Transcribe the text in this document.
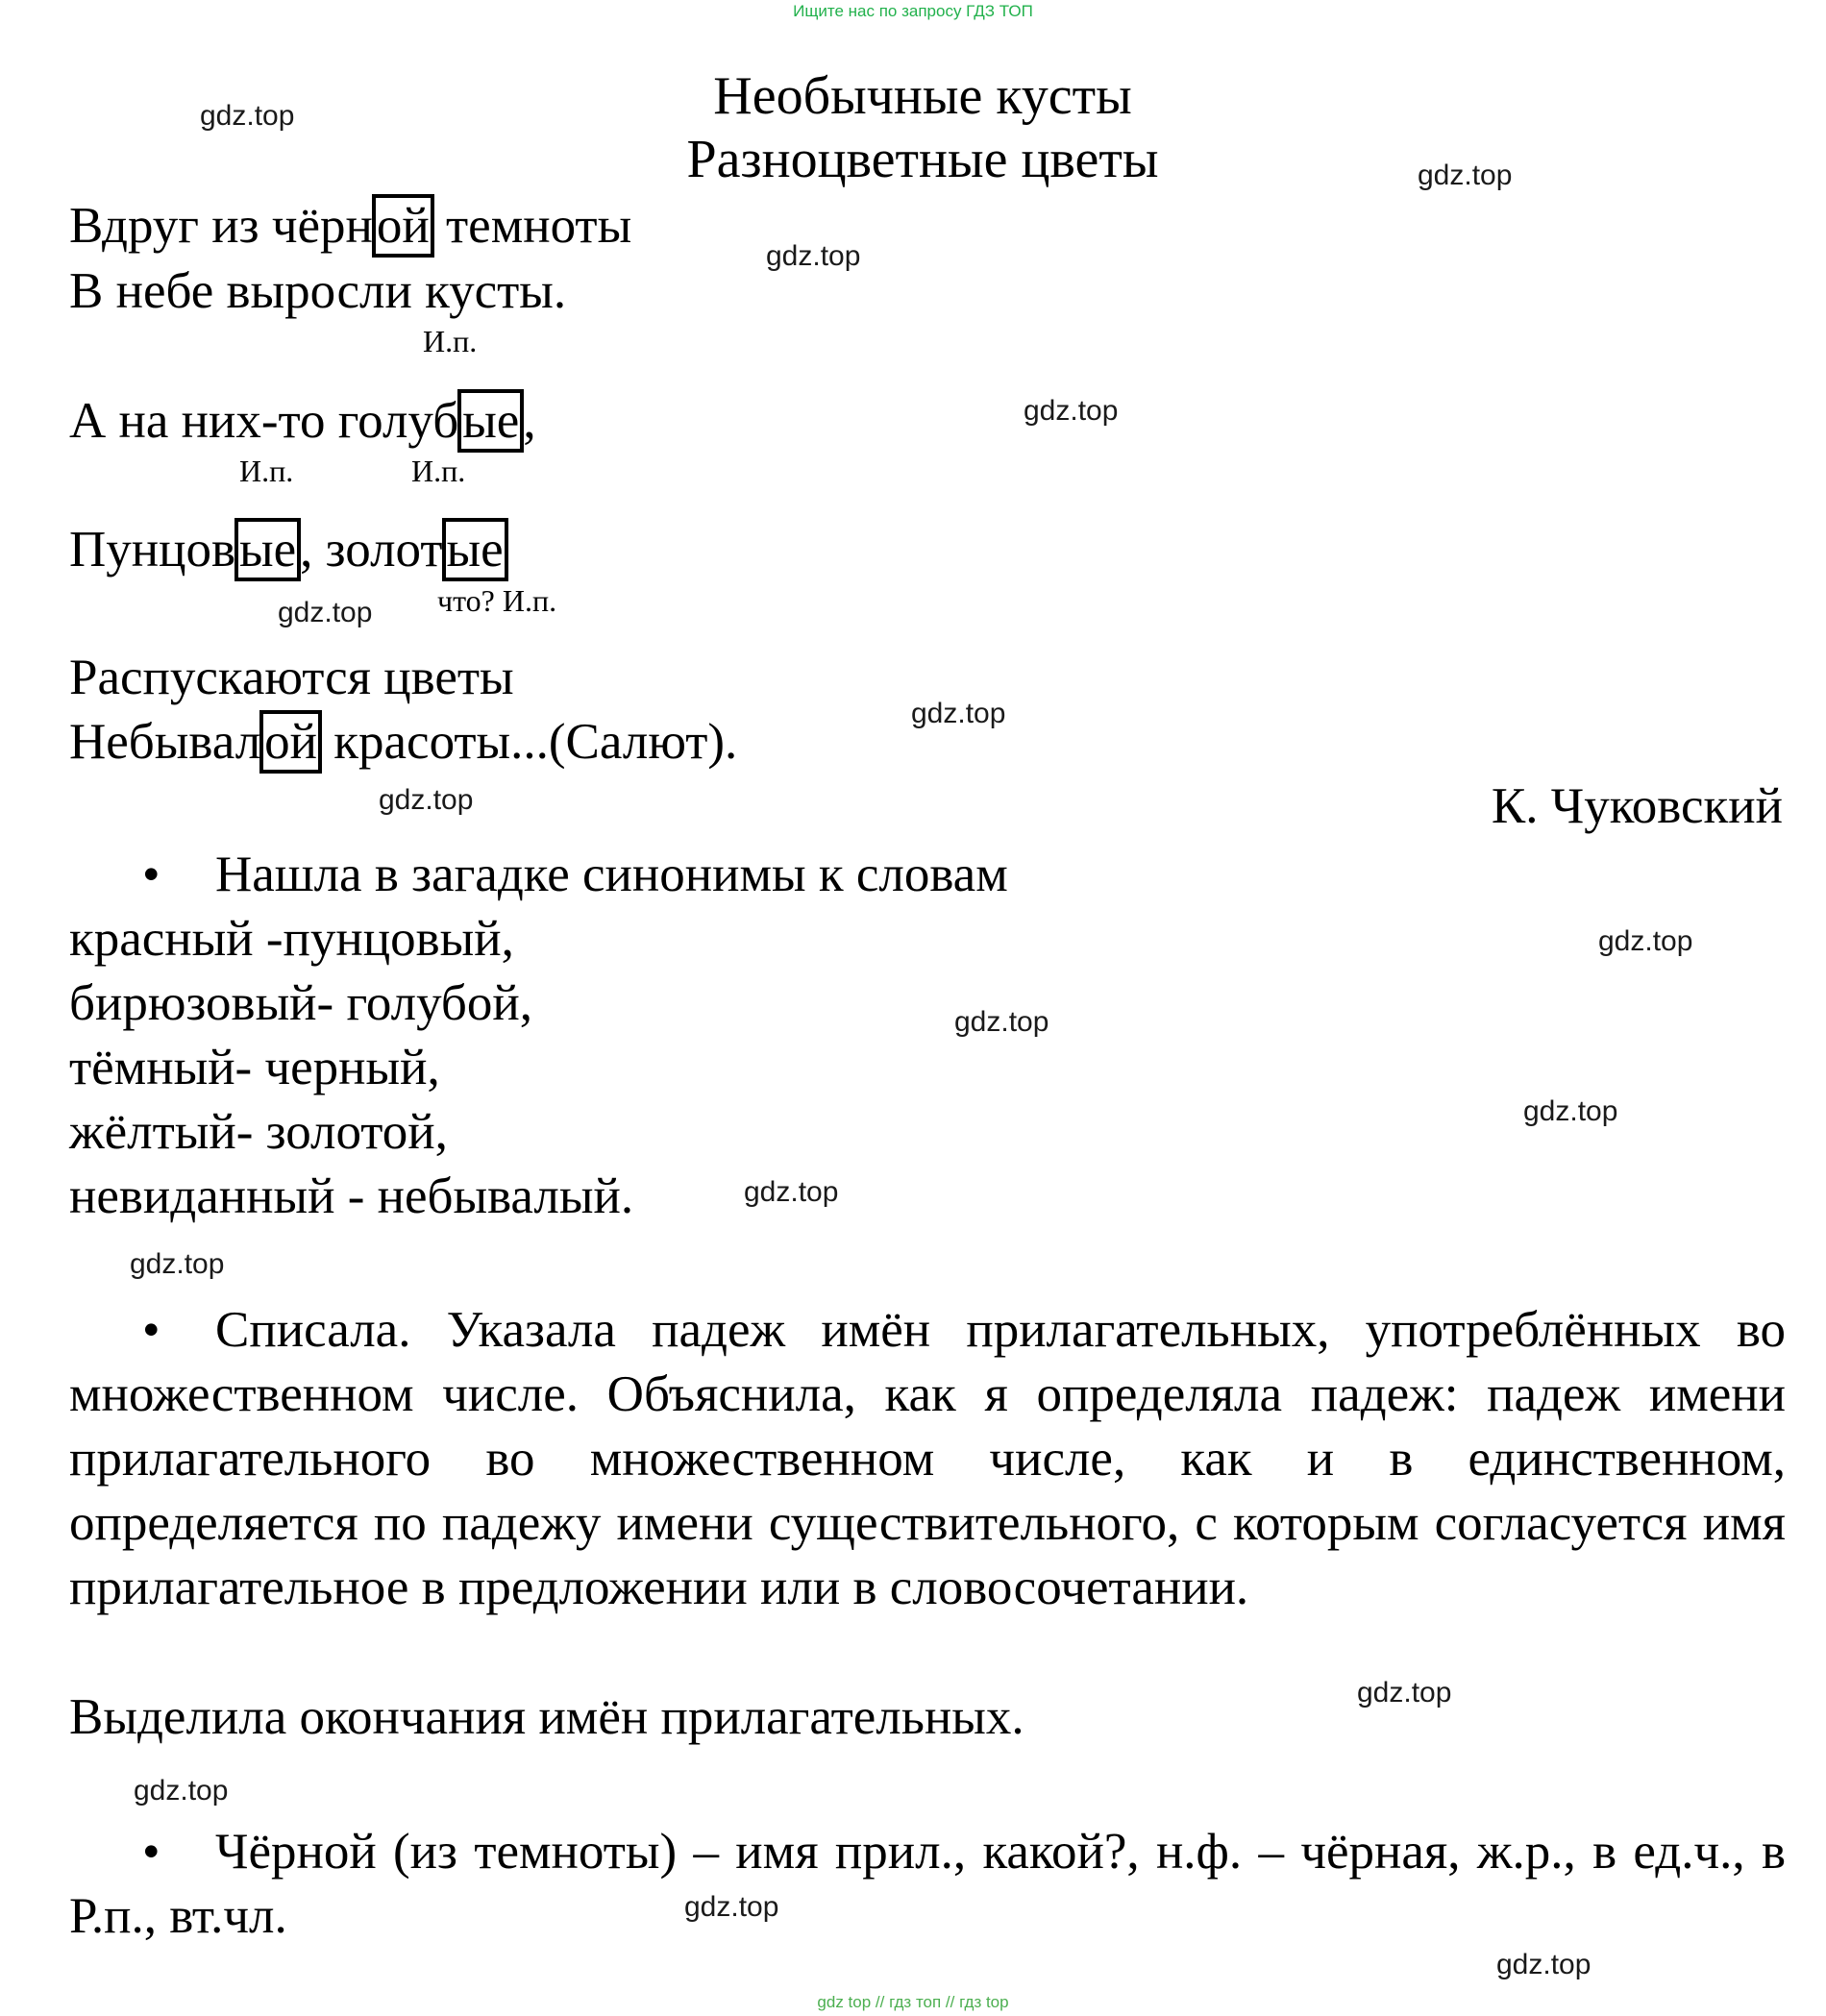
Ищите нас по запросу ГДЗ ТОП
gdz.top
gdz.top
gdz.top
gdz.top
gdz.top
gdz.top
gdz.top
gdz.top
gdz.top
gdz.top
gdz.top
gdz.top
gdz.top
gdz.top
gdz.top
gdz.top
Необычные кусты
Разноцветные цветы
Вдруг из чёрной темноты
В небе выросли кусты.
И.п.
А на них-то голубые,
И.п.	И.п.
Пунцовые, золотые
что? И.п.
Распускаются цветы
Небывалой красоты...(Салют).
К. Чуковский
• Нашла в загадке синонимы к словам
красный -пунцовый,
бирюзовый- голубой,
тёмный- черный,
жёлтый- золотой,
невиданный - небывалый.
• Списала. Указала падеж имён прилагательных, употреблённых во множественном числе. Объяснила, как я определяла падеж: падеж имени прилагательного во множественном числе, как и в единственном, определяется по падежу имени существительного, с которым согласуется имя прилагательное в предложении или в словосочетании.
Выделила окончания имён прилагательных.
• Чёрной (из темноты) – имя прил., какой?, н.ф. – чёрная, ж.р., в ед.ч., в Р.п., вт.чл.
gdz top // гдз топ // гдз top
